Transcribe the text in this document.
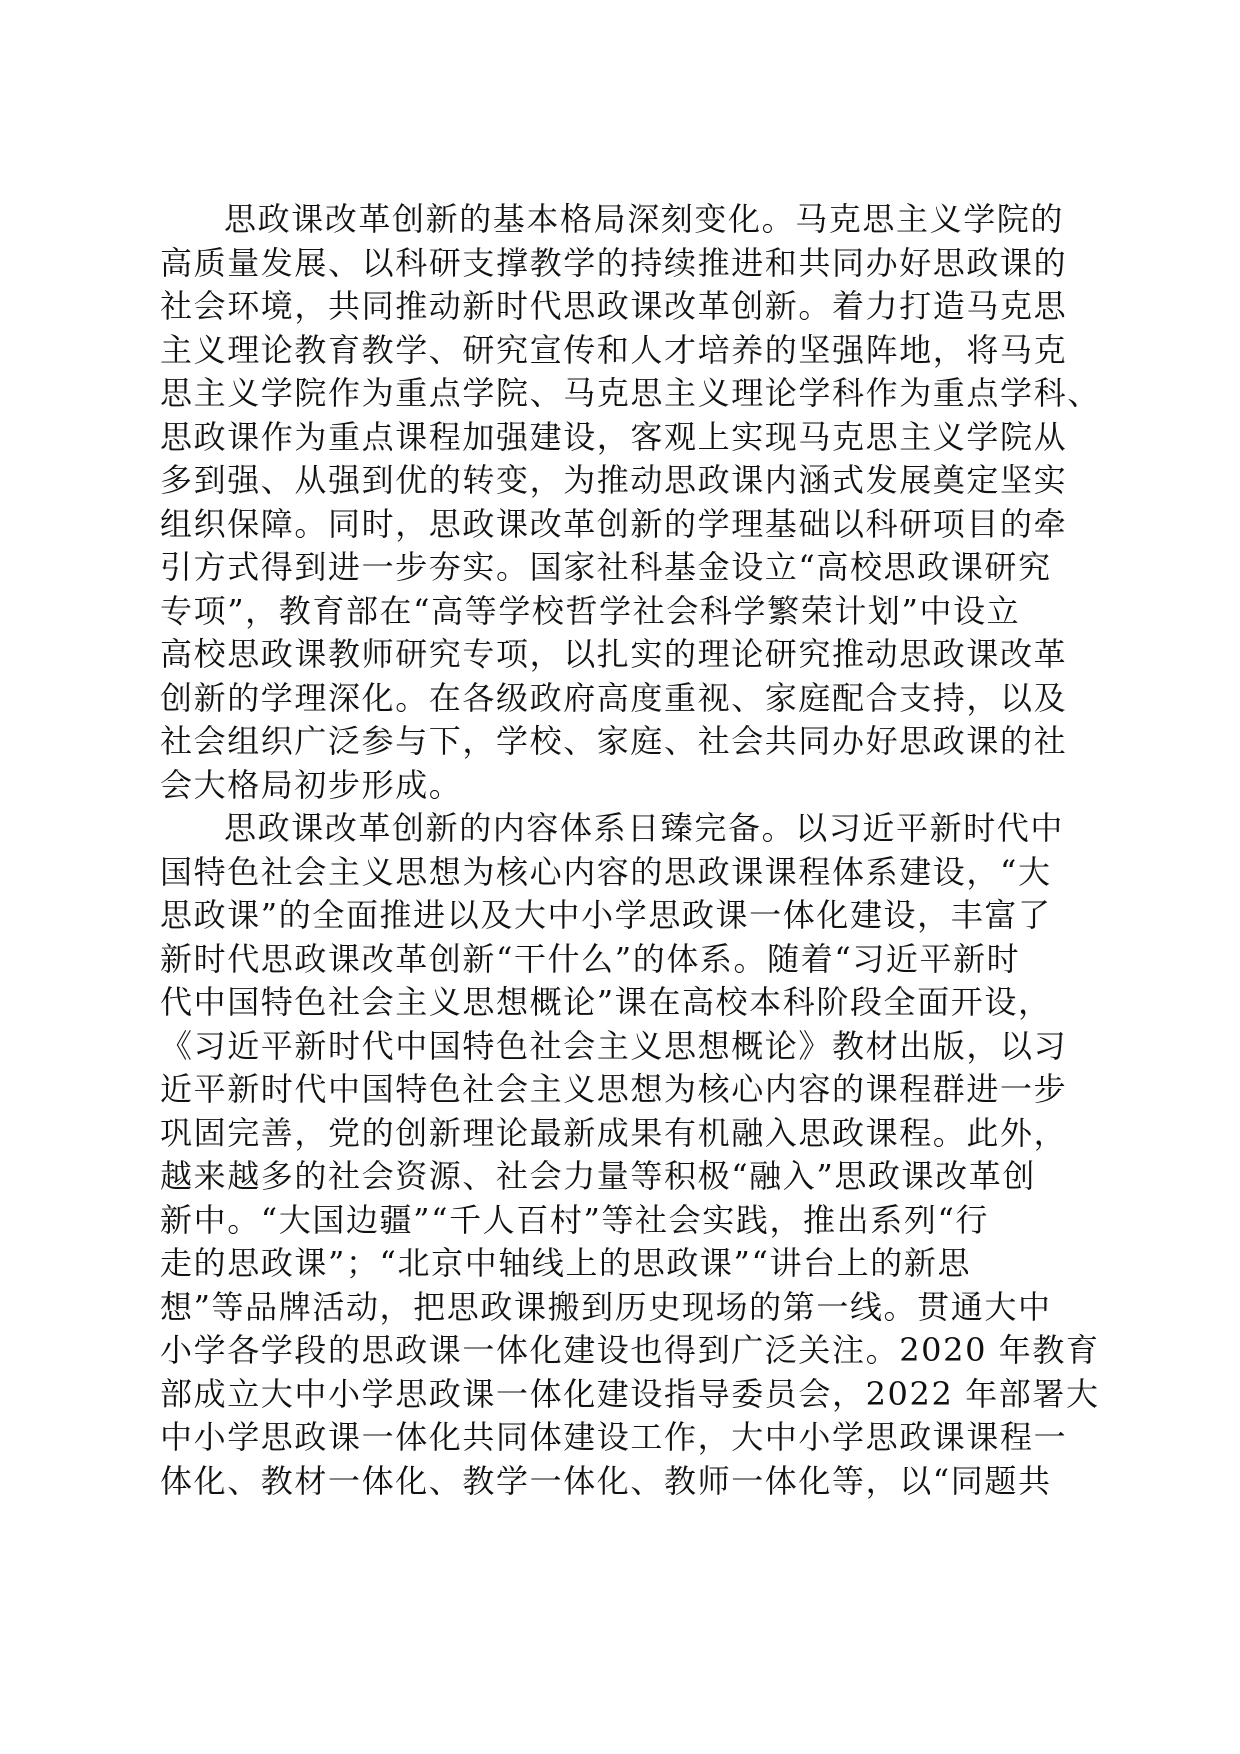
思政课改革创新的基本格局深刻变化。马克思主义学院的
高质量发展、以科研支撑教学的持续推进和共同办好思政课的
社会环境，共同推动新时代思政课改革创新。着力打造马克思
主义理论教育教学、研究宣传和人才培养的坚强阵地，将马克
思主义学院作为重点学院、马克思主义理论学科作为重点学科、
思政课作为重点课程加强建设，客观上实现马克思主义学院从
多到强、从强到优的转变，为推动思政课内涵式发展奠定坚实
组织保障。同时，思政课改革创新的学理基础以科研项目的牵
引方式得到进一步夯实。国家社科基金设立“高校思政课研究
专项”，教育部在“高等学校哲学社会科学繁荣计划”中设立
高校思政课教师研究专项，以扎实的理论研究推动思政课改革
创新的学理深化。在各级政府高度重视、家庭配合支持，以及
社会组织广泛参与下，学校、家庭、社会共同办好思政课的社
会大格局初步形成。
思政课改革创新的内容体系日臻完备。以习近平新时代中
国特色社会主义思想为核心内容的思政课课程体系建设，“大
思政课”的全面推进以及大中小学思政课一体化建设，丰富了
新时代思政课改革创新“干什么”的体系。随着“习近平新时
代中国特色社会主义思想概论”课在高校本科阶段全面开设，
《习近平新时代中国特色社会主义思想概论》教材出版，以习
近平新时代中国特色社会主义思想为核心内容的课程群进一步
巩固完善，党的创新理论最新成果有机融入思政课程。此外，
越来越多的社会资源、社会力量等积极“融入”思政课改革创
新中。“大国边疆”“千人百村”等社会实践，推出系列“行
走的思政课”；“北京中轴线上的思政课”“讲台上的新思
想”等品牌活动，把思政课搬到历史现场的第一线。贯通大中
小学各学段的思政课一体化建设也得到广泛关注。2020 年教育
部成立大中小学思政课一体化建设指导委员会，2022 年部署大
中小学思政课一体化共同体建设工作，大中小学思政课课程一
体化、教材一体化、教学一体化、教师一体化等，以“同题共
